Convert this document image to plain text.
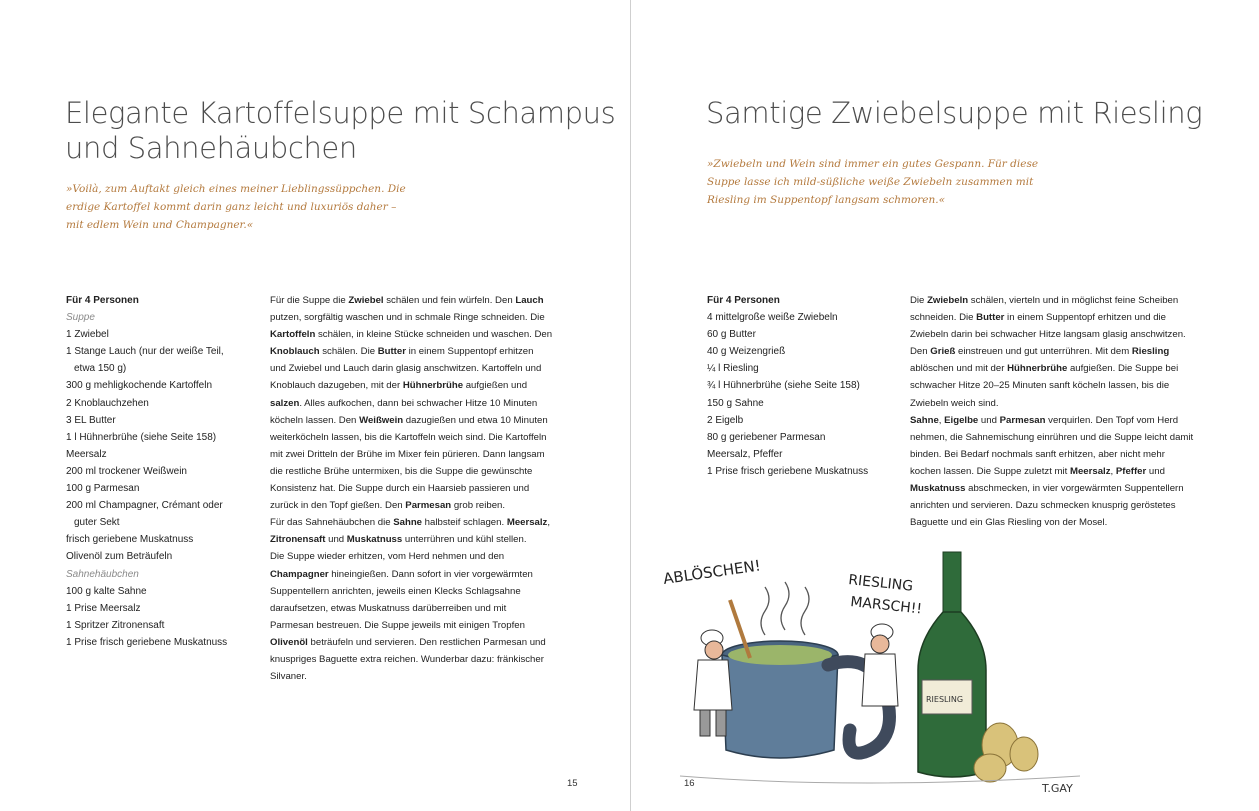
Elegante Kartoffelsuppe mit Schampus
und Sahnehäubchen
»Voilà, zum Auftakt gleich eines meiner Lieblingssüppchen. Die
erdige Kartoffel kommt darin ganz leicht und luxuriös daher –
mit edlem Wein und Champagner.«
Für 4 Personen
Suppe
1 Zwiebel
1 Stange Lauch (nur der weiße Teil,
etwa 150 g)
300 g mehligkochende Kartoffeln
2 Knoblauchzehen
3 EL Butter
1 l Hühnerbrühe (siehe Seite 158)
Meersalz
200 ml trockener Weißwein
100 g Parmesan
200 ml Champagner, Crémant oder
guter Sekt
frisch geriebene Muskatnuss
Olivenöl zum Beträufeln
Sahnehäubchen
100 g kalte Sahne
1 Prise Meersalz
1 Spritzer Zitronensaft
1 Prise frisch geriebene Muskatnuss
Für die Suppe die Zwiebel schälen und fein würfeln. Den Lauch
putzen, sorgfältig waschen und in schmale Ringe schneiden. Die
Kartoffeln schälen, in kleine Stücke schneiden und waschen. Den
Knoblauch schälen. Die Butter in einem Suppentopf erhitzen
und Zwiebel und Lauch darin glasig anschwitzen. Kartoffeln und
Knoblauch dazugeben, mit der Hühnerbrühe aufgießen und
salzen. Alles aufkochen, dann bei schwacher Hitze 10 Minuten
köcheln lassen. Den Weißwein dazugießen und etwa 10 Minuten
weiterköcheln lassen, bis die Kartoffeln weich sind. Die Kartoffeln
mit zwei Dritteln der Brühe im Mixer fein pürieren. Dann langsam
die restliche Brühe untermixen, bis die Suppe die gewünschte
Konsistenz hat. Die Suppe durch ein Haarsieb passieren und
zurück in den Topf gießen. Den Parmesan grob reiben.
Für das Sahnehäubchen die Sahne halbsteif schlagen. Meersalz,
Zitronensaft und Muskatnuss unterrühren und kühl stellen.
Die Suppe wieder erhitzen, vom Herd nehmen und den
Champagner hineingießen. Dann sofort in vier vorgewärmten
Suppentellern anrichten, jeweils einen Klecks Schlagsahne
daraufsetzen, etwas Muskatnuss darüberreiben und mit
Parmesan bestreuen. Die Suppe jeweils mit einigen Tropfen
Olivenöl beträufeln und servieren. Den restlichen Parmesan und
knuspriges Baguette extra reichen. Wunderbar dazu: fränkischer
Silvaner.
15
Samtige Zwiebelsuppe mit Riesling
»Zwiebeln und Wein sind immer ein gutes Gespann. Für diese
Suppe lasse ich mild-süßliche weiße Zwiebeln zusammen mit
Riesling im Suppentopf langsam schmoren.«
Für 4 Personen
4 mittelgroße weiße Zwiebeln
60 g Butter
40 g Weizengrieß
¼ l Riesling
¾ l Hühnerbrühe (siehe Seite 158)
150 g Sahne
2 Eigelb
80 g geriebener Parmesan
Meersalz, Pfeffer
1 Prise frisch geriebene Muskatnuss
Die Zwiebeln schälen, vierteln und in möglichst feine Scheiben
schneiden. Die Butter in einem Suppentopf erhitzen und die
Zwiebeln darin bei schwacher Hitze langsam glasig anschwitzen.
Den Grieß einstreuen und gut unterrühren. Mit dem Riesling
ablöschen und mit der Hühnerbrühe aufgießen. Die Suppe bei
schwacher Hitze 20–25 Minuten sanft köcheln lassen, bis die
Zwiebeln weich sind.
Sahne, Eigelbe und Parmesan verquirlen. Den Topf vom Herd
nehmen, die Sahnemischung einrühren und die Suppe leicht damit
binden. Bei Bedarf nochmals sanft erhitzen, aber nicht mehr
kochen lassen. Die Suppe zuletzt mit Meersalz, Pfeffer und
Muskatnuss abschmecken, in vier vorgewärmten Suppentellern
anrichten und servieren. Dazu schmecken knusprig geröstetes
Baguette und ein Glas Riesling von der Mosel.
16
ABLÖSCHEN!	RIESLING
MARSCH!!
RIESLING
T.GAY
